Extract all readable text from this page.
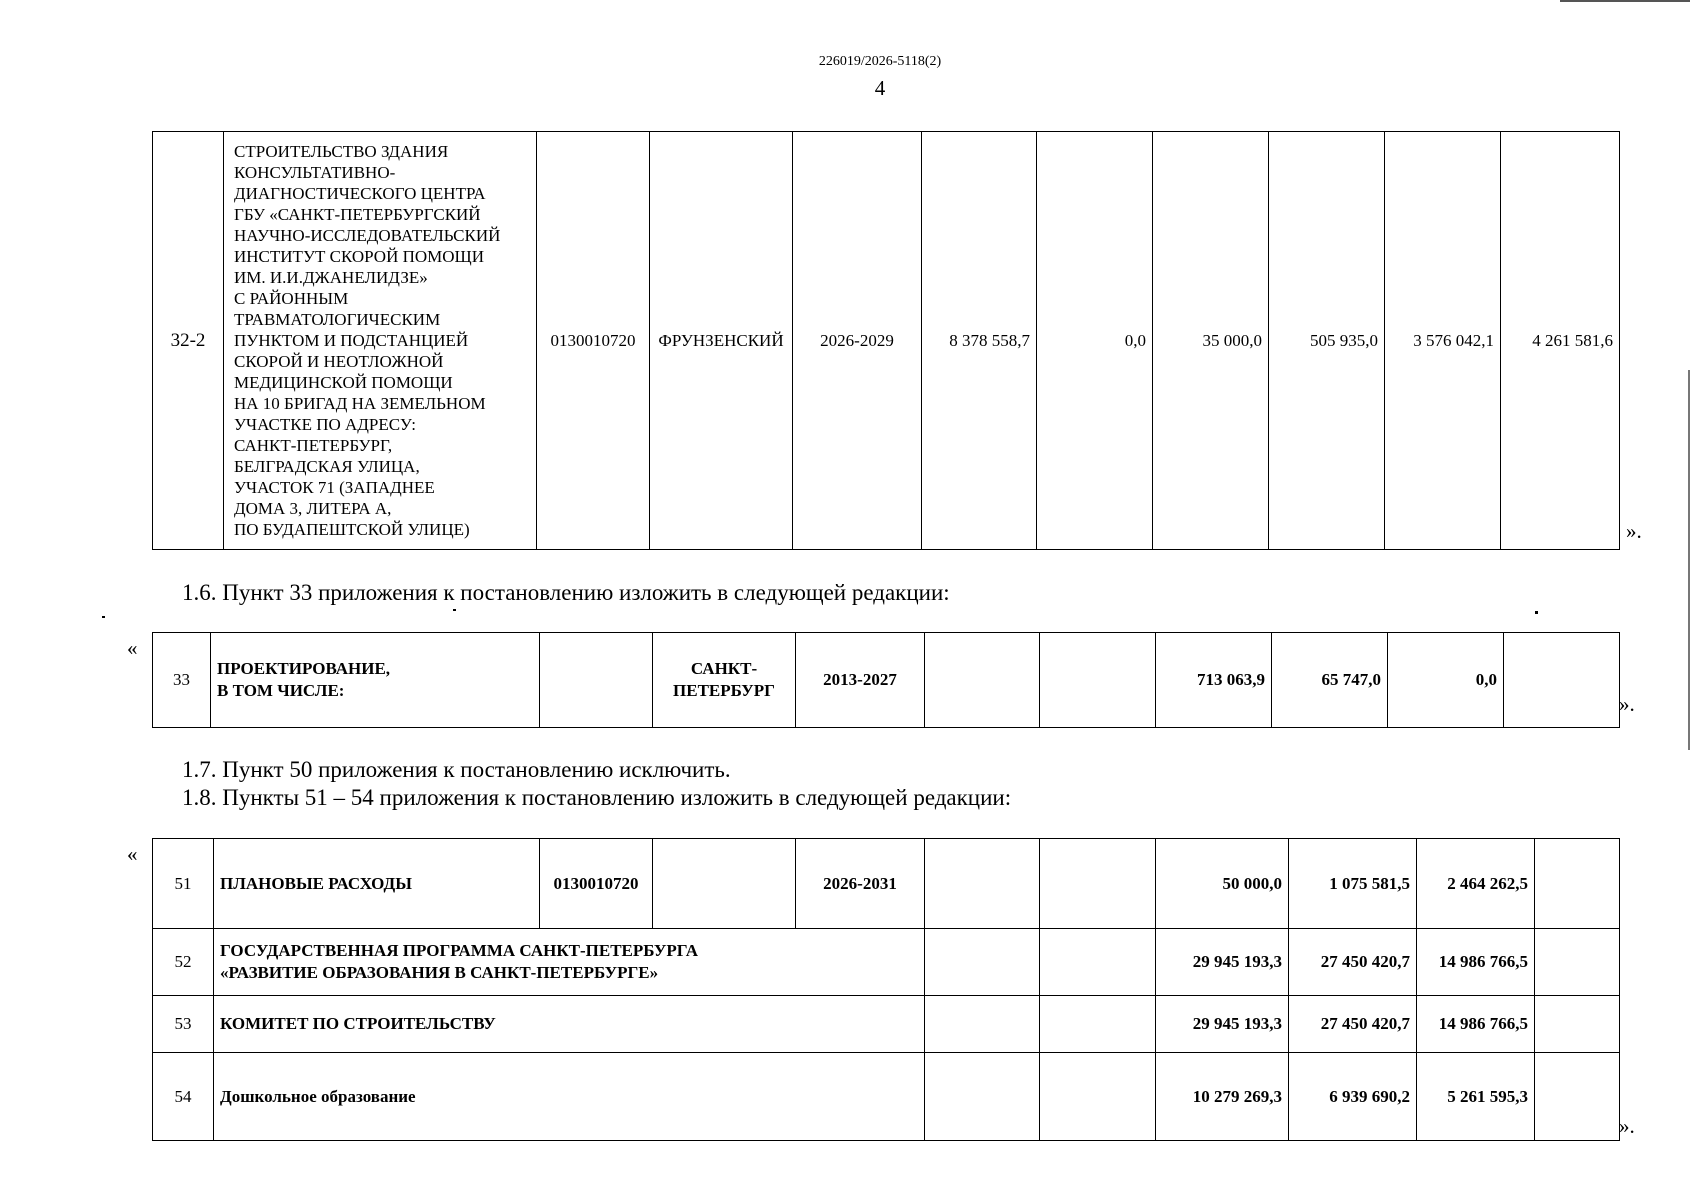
226019/2026-5118(2)
4
32-2	
СТРОИТЕЛЬСТВО ЗДАНИЯ
КОНСУЛЬТАТИВНО-
ДИАГНОСТИЧЕСКОГО ЦЕНТРА
ГБУ «САНКТ-ПЕТЕРБУРГСКИЙ
НАУЧНО-ИССЛЕДОВАТЕЛЬСКИЙ
ИНСТИТУТ СКОРОЙ ПОМОЩИ
ИМ. И.И.ДЖАНЕЛИДЗЕ»
С РАЙОННЫМ
ТРАВМАТОЛОГИЧЕСКИМ
ПУНКТОМ И ПОДСТАНЦИЕЙ
СКОРОЙ И НЕОТЛОЖНОЙ
МЕДИЦИНСКОЙ ПОМОЩИ
НА 10 БРИГАД НА ЗЕМЕЛЬНОМ
УЧАСТКЕ ПО АДРЕСУ:
САНКТ-ПЕТЕРБУРГ,
БЕЛГРАДСКАЯ УЛИЦА,
УЧАСТОК 71 (ЗАПАДНЕЕ
ДОМА 3, ЛИТЕРА А,
ПО БУДАПЕШТСКОЙ УЛИЦЕ)
	0130010720	ФРУНЗЕНСКИЙ	2026-2029	8 378 558,7	0,0	35 000,0	505 935,0	3 576 042,1	4 261 581,6
».
1.6. Пункт 33 приложения к постановлению изложить в следующей редакции:
«
33	
ПРОЕКТИРОВАНИЕ,
В ТОМ ЧИСЛЕ:

САНКТ-
ПЕТЕРБУРГ
	2013-2027			713 063,9	65 747,0	0,0	
».
1.7. Пункт 50 приложения к постановлению исключить.
1.8. Пункты 51 – 54 приложения к постановлению изложить в следующей редакции:
«
51	ПЛАНОВЫЕ РАСХОДЫ	0130010720		2026-2031			50 000,0	1 075 581,5	2 464 262,5	
52	ГОСУДАРСТВЕННАЯ ПРОГРАММА САНКТ-ПЕТЕРБУРГА
«РАЗВИТИЕ ОБРАЗОВАНИЯ В САНКТ-ПЕТЕРБУРГЕ»						29 945 193,3	27 450 420,7	14 986 766,5	
53	КОМИТЕТ ПО СТРОИТЕЛЬСТВУ						29 945 193,3	27 450 420,7	14 986 766,5	
54	Дошкольное образование						10 279 269,3	6 939 690,2	5 261 595,3	
».
